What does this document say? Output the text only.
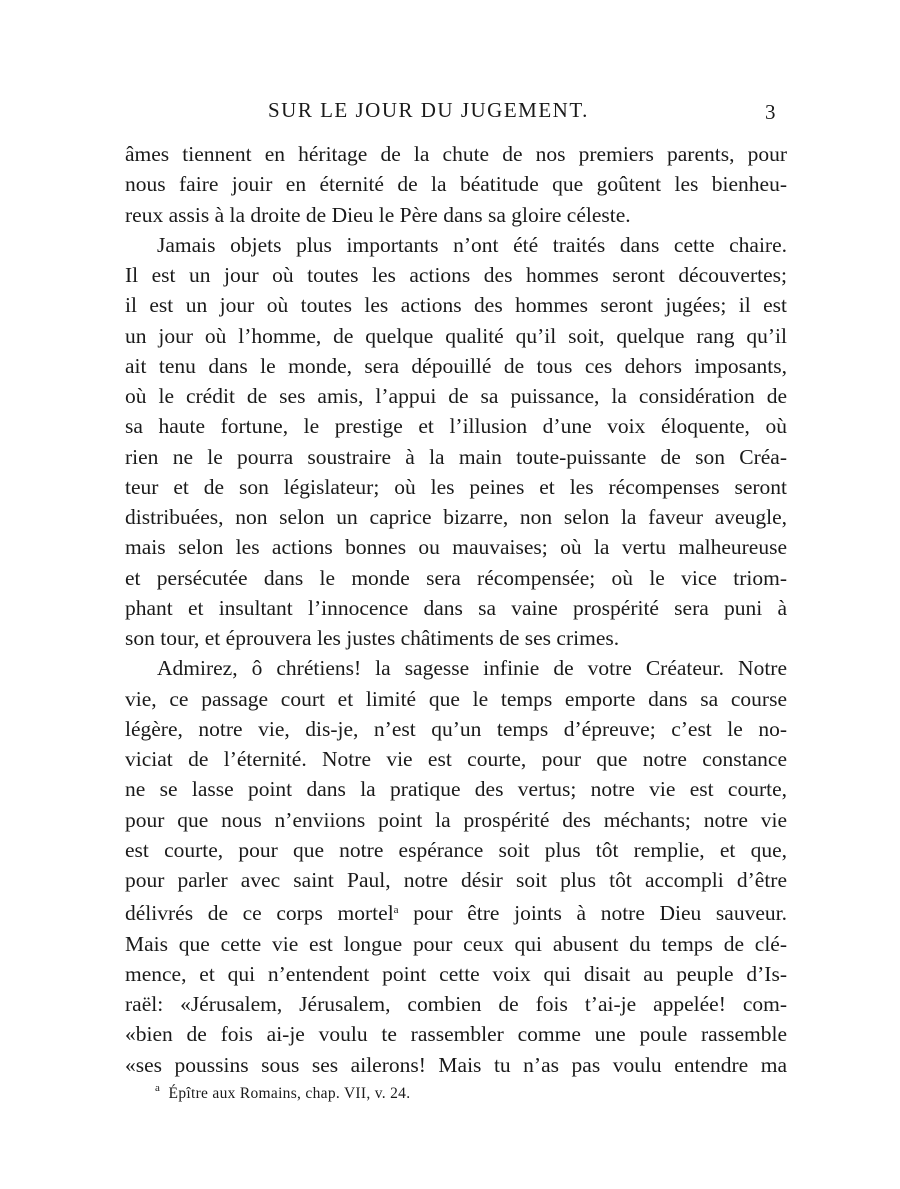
SUR LE JOUR DU JUGEMENT.	3
âmes tiennent en héritage de la chute de nos premiers parents, pour
nous faire jouir en éternité de la béatitude que goûtent les bienheu-
reux assis à la droite de Dieu le Père dans sa gloire céleste.
Jamais objets plus importants n’ont été traités dans cette chaire.
Il est un jour où toutes les actions des hommes seront découvertes;
il est un jour où toutes les actions des hommes seront jugées; il est
un jour où l’homme, de quelque qualité qu’il soit, quelque rang qu’il
ait tenu dans le monde, sera dépouillé de tous ces dehors imposants,
où le crédit de ses amis, l’appui de sa puissance, la considération de
sa haute fortune, le prestige et l’illusion d’une voix éloquente, où
rien ne le pourra soustraire à la main toute-puissante de son Créa-
teur et de son législateur; où les peines et les récompenses seront
distribuées, non selon un caprice bizarre, non selon la faveur aveugle,
mais selon les actions bonnes ou mauvaises; où la vertu malheureuse
et persécutée dans le monde sera récompensée; où le vice triom-
phant et insultant l’innocence dans sa vaine prospérité sera puni à
son tour, et éprouvera les justes châtiments de ses crimes.
Admirez, ô chrétiens! la sagesse infinie de votre Créateur. Notre
vie, ce passage court et limité que le temps emporte dans sa course
légère, notre vie, dis-je, n’est qu’un temps d’épreuve; c’est le no-
viciat de l’éternité. Notre vie est courte, pour que notre constance
ne se lasse point dans la pratique des vertus; notre vie est courte,
pour que nous n’enviions point la prospérité des méchants; notre vie
est courte, pour que notre espérance soit plus tôt remplie, et que,
pour parler avec saint Paul, notre désir soit plus tôt accompli d’être
délivrés de ce corps mortel$^a$ pour être joints à notre Dieu sauveur.
Mais que cette vie est longue pour ceux qui abusent du temps de clé-
mence, et qui n’entendent point cette voix qui disait au peuple d’Is-
raël: «Jérusalem, Jérusalem, combien de fois t’ai-je appelée! com-
«bien de fois ai-je voulu te rassembler comme une poule rassemble
«ses poussins sous ses ailerons! Mais tu n’as pas voulu entendre ma
$^a$ Épître aux Romains, chap. VII, v. 24.
